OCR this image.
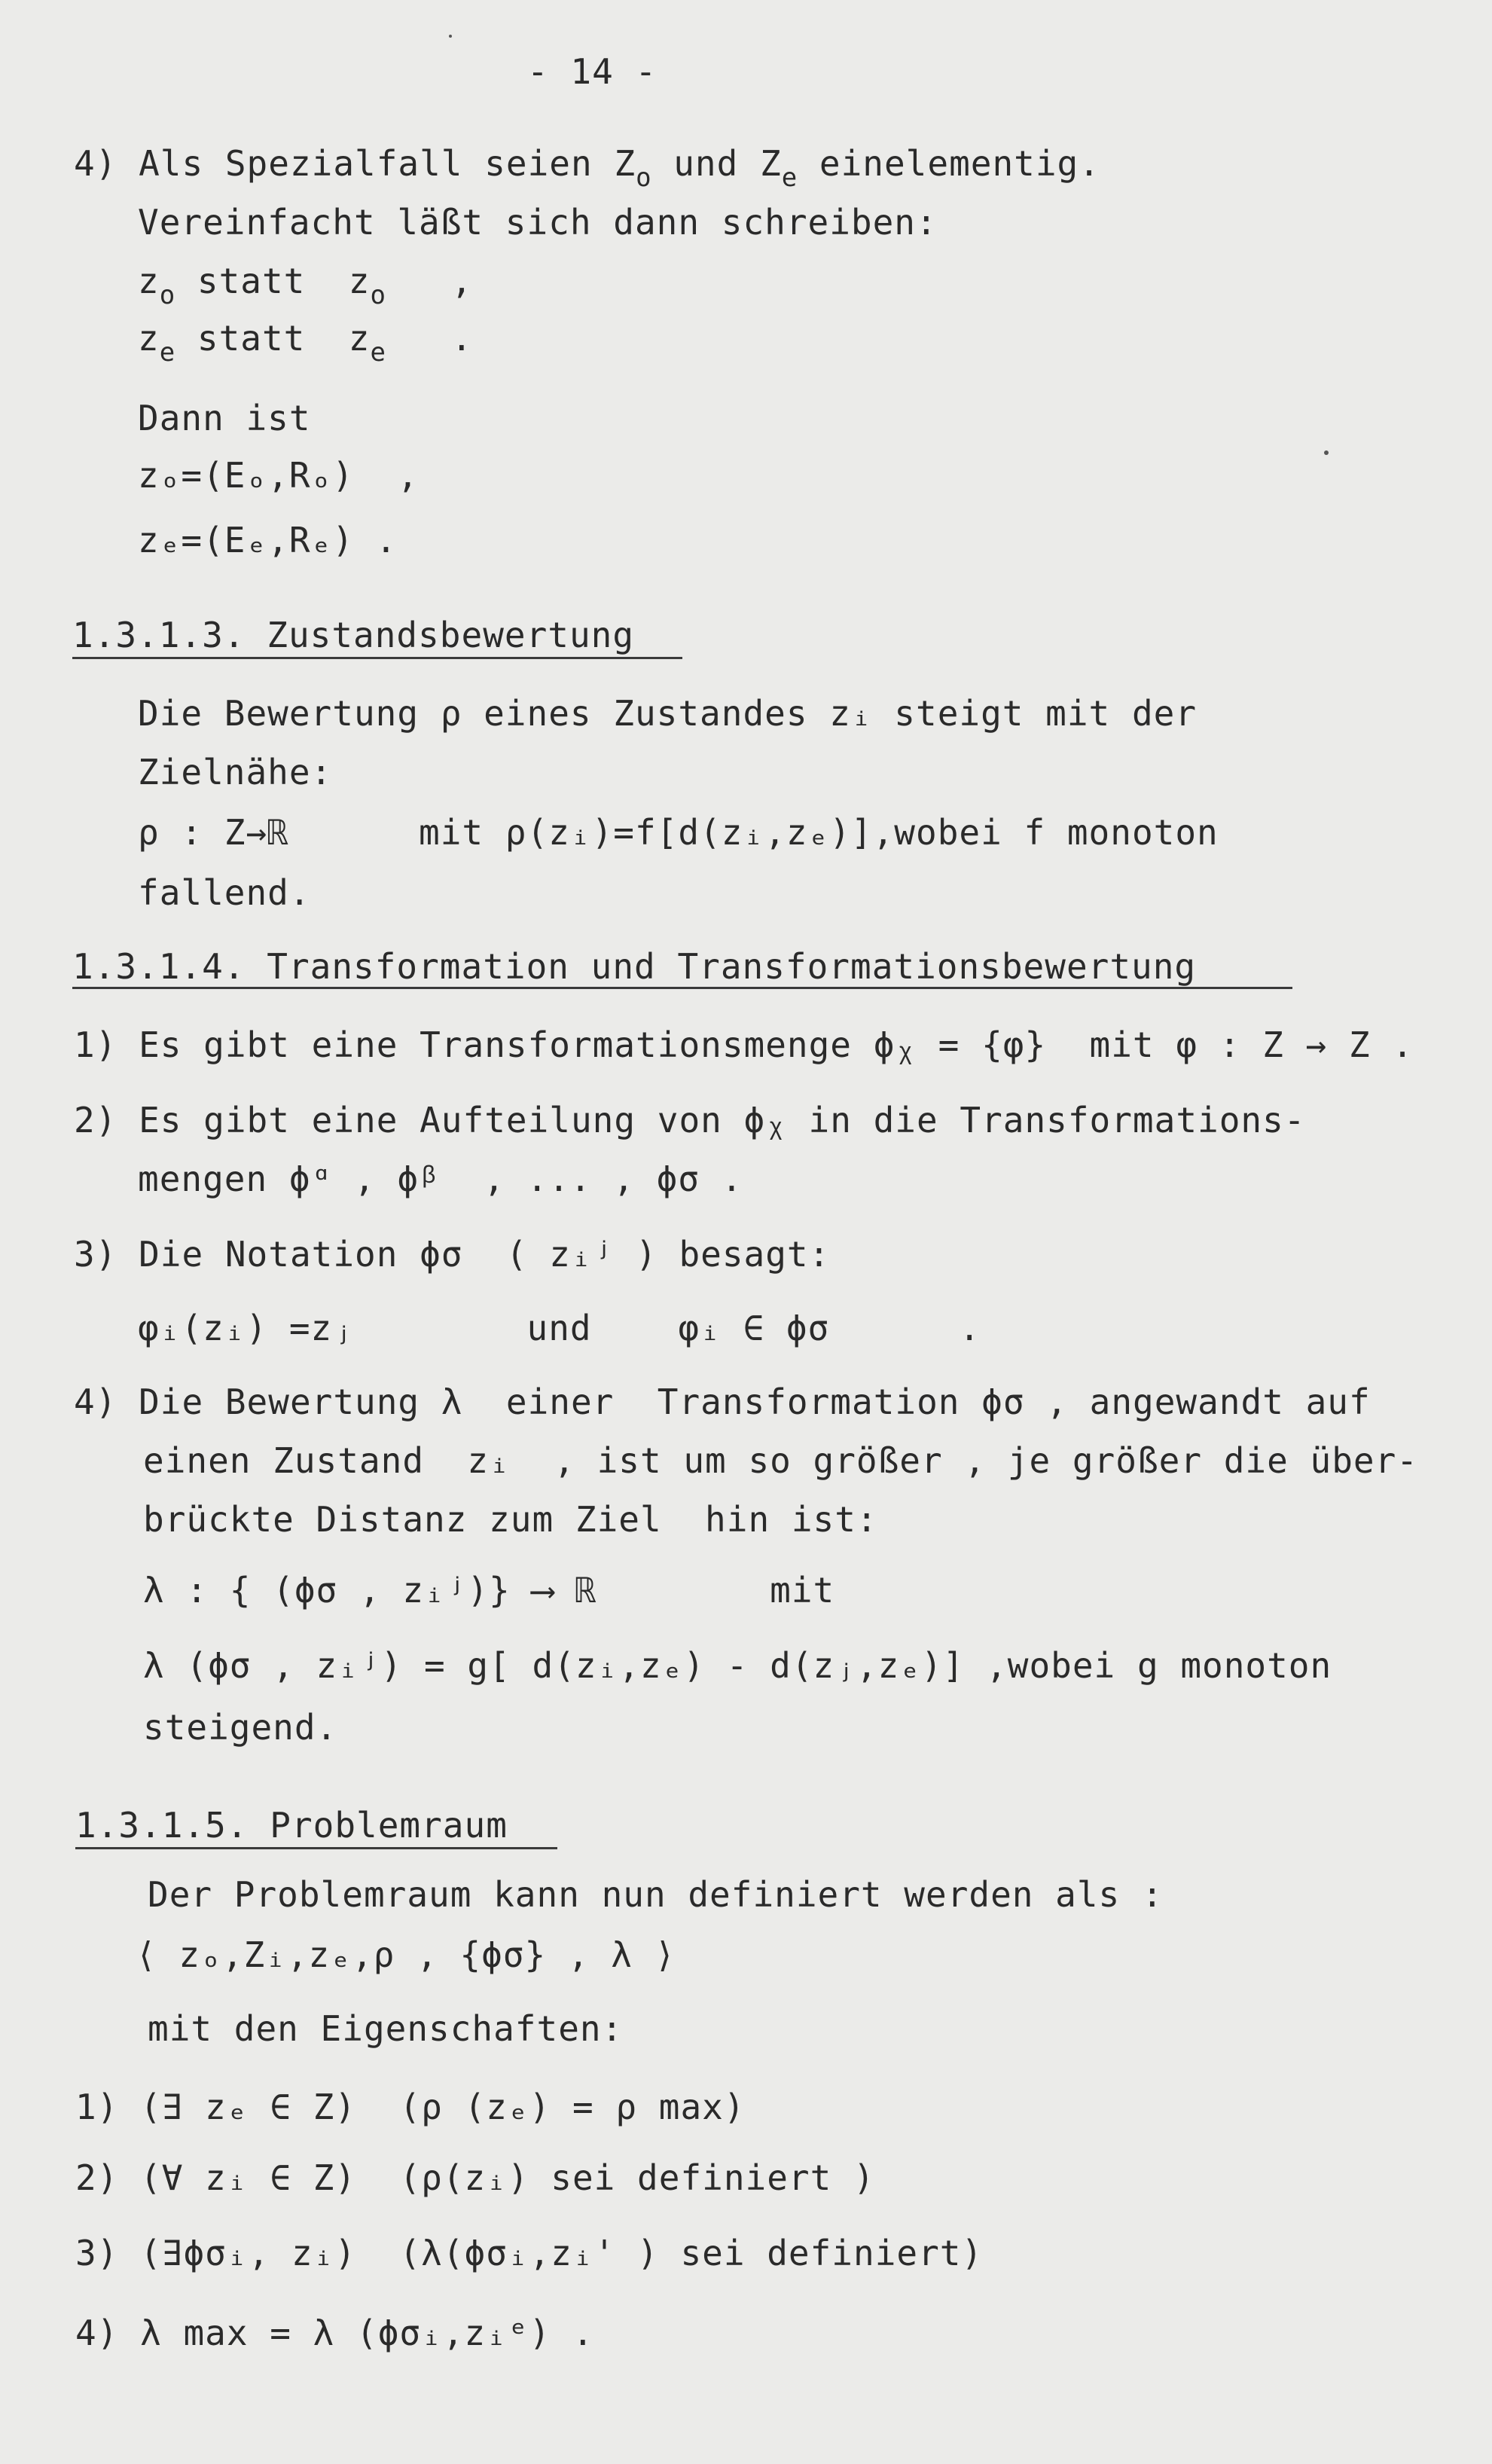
- 14 -
4) Als Spezialfall seien $Z_o$ und $Z_e$ einelementig.
Vereinfacht läßt sich dann schreiben:
$z_o$ statt  $z_o$   ,
$z_e$ statt  $z_e$   .
Dann ist
zₒ=(Eₒ,Rₒ)  ,
zₑ=(Eₑ,Rₑ) .
1.3.1.3. Zustandsbewertung
Die Bewertung ρ eines Zustandes zᵢ steigt mit der
Zielnähe:
ρ : Z→ℝ      mit ρ(zᵢ)=f[d(zᵢ,zₑ)],wobei f monoton
fallend.
1.3.1.4. Transformation und Transformationsbewertung
1) Es gibt eine Transformationsmenge ϕᵪ = {φ}  mit φ : Z → Z .
2) Es gibt eine Aufteilung von ϕᵪ in die Transformations-
mengen ϕᵅ , ϕᵝ  , ... , ϕσ .
3) Die Notation ϕσ  ( zᵢʲ ) besagt:
φᵢ(zᵢ) =zⱼ        und    φᵢ ∈ ϕσ      .
4) Die Bewertung λ  einer  Transformation ϕσ , angewandt auf
einen Zustand  zᵢ  , ist um so größer , je größer die über-
brückte Distanz zum Ziel  hin ist:
λ : { (ϕσ , zᵢʲ)} ⟶ ℝ        mit
λ (ϕσ , zᵢʲ) = g[ d(zᵢ,zₑ) - d(zⱼ,zₑ)] ,wobei g monoton
steigend.
1.3.1.5. Problemraum
Der Problemraum kann nun definiert werden als :
⟨ zₒ,Zᵢ,zₑ,ρ , {ϕσ} , λ ⟩
mit den Eigenschaften:
1) (∃ zₑ ∈ Z)  (ρ (zₑ) = ρ max)
2) (∀ zᵢ ∈ Z)  (ρ(zᵢ) sei definiert )
3) (∃ϕσᵢ, zᵢ)  (λ(ϕσᵢ,zᵢ' ) sei definiert)
4) λ max = λ (ϕσᵢ,zᵢᵉ) .
